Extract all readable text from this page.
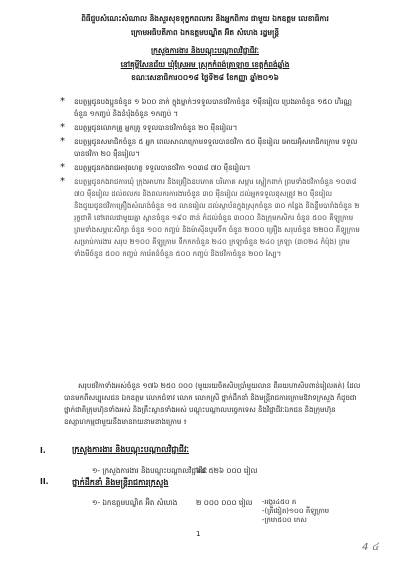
ពិធីជួបសំណេះសំណាល និងសួរសុខទុក្ខកពលករ និងអ្នកពិការ ជាមួយ ឯកឧត្តម លេខាធិការ
ក្រោមអធិបតីភាព ឯកឧត្តមបណ្ឌិត អ៊ិត សំហេង រដ្ឋមន្ត្រី
ក្រសួងការងារ និងបណ្តុះបណ្តាលវិជ្ជាជីវៈ
នៅគុម្ពីសែនជ័យ ឃុំស្រែអម ស្រុកកំពង់ត្រាឡាច ខេត្តកំពង់ឆ្នាំង
ខណៈសេនាធិការ០០១៨ ថ្ងៃទី២៨ ខែកញ្ញា ឆ្នាំ២០១៦
* ឧបត្ថម្ភជូនបងប្អូនចំនួន ១ ៦០០ នាក់ ក្នុងម្នាក់ៗទទួលបានថវិកាចំនួន ១ម៉ឺនរៀល ប្រេងឆាចំនួន ១៥០ ហិរណ្ណចំនួន ១កញ្ចប់ និងនំបុ័ងចំនួន ១កញ្ចប់ ។
* ឧបត្ថម្ភជូនលោកគ្រូ អ្នកគ្រូ ទទួលបានថវិកាចំនួន ២០ ម៉ឺនរៀល។
* ឧបត្ថម្ភជូនសមាជិកចំនួន ៥ អ្នក ពេលសាលាក្រោមទទួលបានថវិកា ៥០ ម៉ឺនរៀល អោយអ៊ុំសមាជិកក្រោម ទទួលបានថវិកា ២០ ម៉ឺនរៀល។
* ឧបត្ថម្ភជូនកងរាជអាវុធហត្ថ ទទួលបានថវិកា ១០៣៨ ៧០ ម៉ឺនរៀល។
* ឧបត្ថម្ភជូនកងរាជការឃុំ ក្រុងអាហារ និងគ្រឿងឧបភោគ បរិភោគ សម្ភារ ស្លៀកពាក់ ព្រមទាំងថវិកាចំនួន ១០៣៨ ៧០ ម៉ឺនរៀល ដល់ពលករ និងពលករការងារចំនួន ៣០ ម៉ឺនរៀល ដល់អ្នកទទួលខុសត្រូវ ២០ ម៉ឺនរៀល និងជួយជូនថវិកាគ្រឿងសំណង់ចំនួន ១៥ លានរៀល ដល់ស្ថាប័នក្នុងស្រុកចំនួន ៣០ កន្លែង និងខ្ទឹមបារាំងចំនួន ២ រុក្ខជាតិ នៅពេលជាមួយគ្នា ស្ពានចំនួន ១៩០ ពាន់ កំដល់ចំនួន ៣០០០ និងក្រុមកសិករ ចំនួន ៥០០ គីឡូក្រាម ព្រមទាំងសម្ភារៈសិក្សា ចំនួន ១០០ កញ្ចប់ និងម៉ាស៊ីនបូមទឹក ចំនួន ២០០០ គ្រឿង សរុបចំនួន ២២០០ គីឡូក្រាម សម្រាប់ការងារ សរុប ២១០០ គីឡូក្រាម ទឹកកកចំនួន ២៤០ ក្រឡាចំនួន ២៤០ ក្រឡា (៣០២៤ កំប៉ុង) ព្រមទាំងមីចំនួន ៥០០ កញ្ចប់ ការ៉េតនំចំនួន ៥០០ កញ្ចប់ និងថវិកាចំនួន ២០០ ស្បៃ។
សរុបថវិកាទាំងអស់ចំនួន ១៧៦ ២៥០ ០០០ (មួយរយចិតសិបប្រាំមួយលាន ពីររយហាសិបពាន់រៀលគត់) ដែលបានមកពីសប្បុរសជន ឯកឧត្តម លោកជំទាវ លោក លោកស្រី ថ្នាក់ដឹកនាំ និងមន្ត្រីរាជការក្រោមឱវាទក្រសួង ក៏ដូចជាថ្នាក់ជាតិក្រុមហ៊ុនទាំងអស់ និងគ្រឹះស្ថានទាំងអស់ បណ្តុះបណ្តាលបច្ចេកទេស និងវិជ្ជាជីវៈឯកជន និងក្រុមហ៊ុនឧស្សាហកម្មជាមួយនឹងមានរាយនាមខាងក្រោម ៖
I.	ក្រសួងការងារ និងបណ្តុះបណ្តាលវិជ្ជាជីវៈ
១- ក្រសួងការងារ និងបណ្តុះបណ្តាលវិជ្ជាជីវៈ
៦៨ ៥២៦ ០០០ រៀល
II.	ថ្នាក់ដឹកនាំ និងមន្ត្រីរាជការក្រសួង
១- ឯកឧត្តមបណ្ឌិត អ៊ិត សំហេង	២ ០០០ ០០០ រៀល -អង្ករ៤៥០ គ
-(ត្រីងៀត)១០០ គីឡូក្រាម
-ក្រមា៥០០ កេស
1
4 ៤
